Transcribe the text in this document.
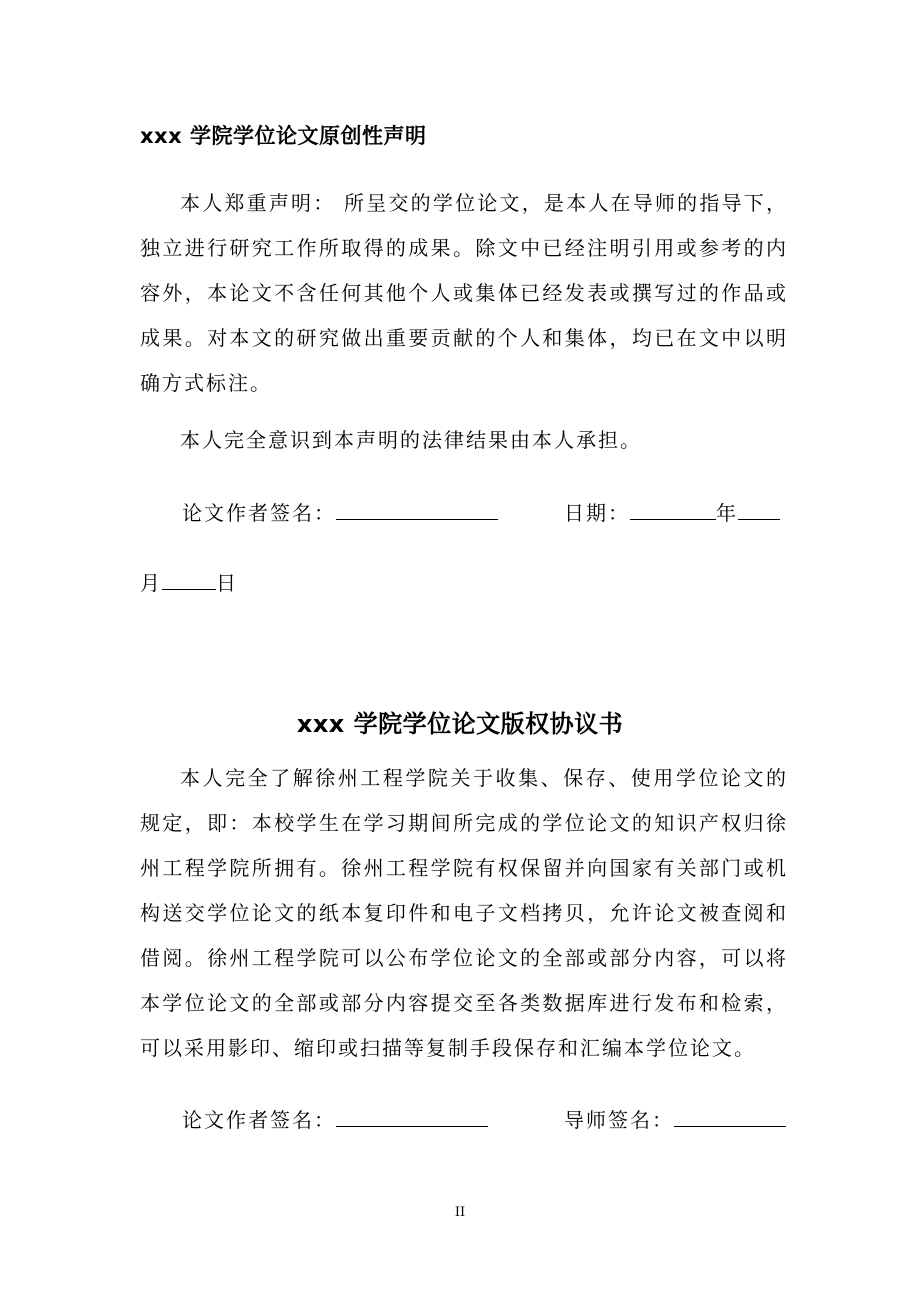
xxx 学院学位论文原创性声明

本人郑重声明： 所呈交的学位论文，是本人在导师的指导下，独立进行研究工作所取得的成果。除文中已经注明引用或参考的内容外，本论文不含任何其他个人或集体已经发表或撰写过的作品或成果。对本文的研究做出重要贡献的个人和集体，均已在文中以明确方式标注。

本人完全意识到本声明的法律结果由本人承担。

论文作者签名：	日期：	年
月	日
xxx 学院学位论文版权协议书

本人完全了解徐州工程学院关于收集、保存、使用学位论文的规定，即：本校学生在学习期间所完成的学位论文的知识产权归徐州工程学院所拥有。徐州工程学院有权保留并向国家有关部门或机构送交学位论文的纸本复印件和电子文档拷贝，允许论文被查阅和借阅。徐州工程学院可以公布学位论文的全部或部分内容，可以将本学位论文的全部或部分内容提交至各类数据库进行发布和检索，可以采用影印、缩印或扫描等复制手段保存和汇编本学位论文。

论文作者签名：	导师签名：
II
